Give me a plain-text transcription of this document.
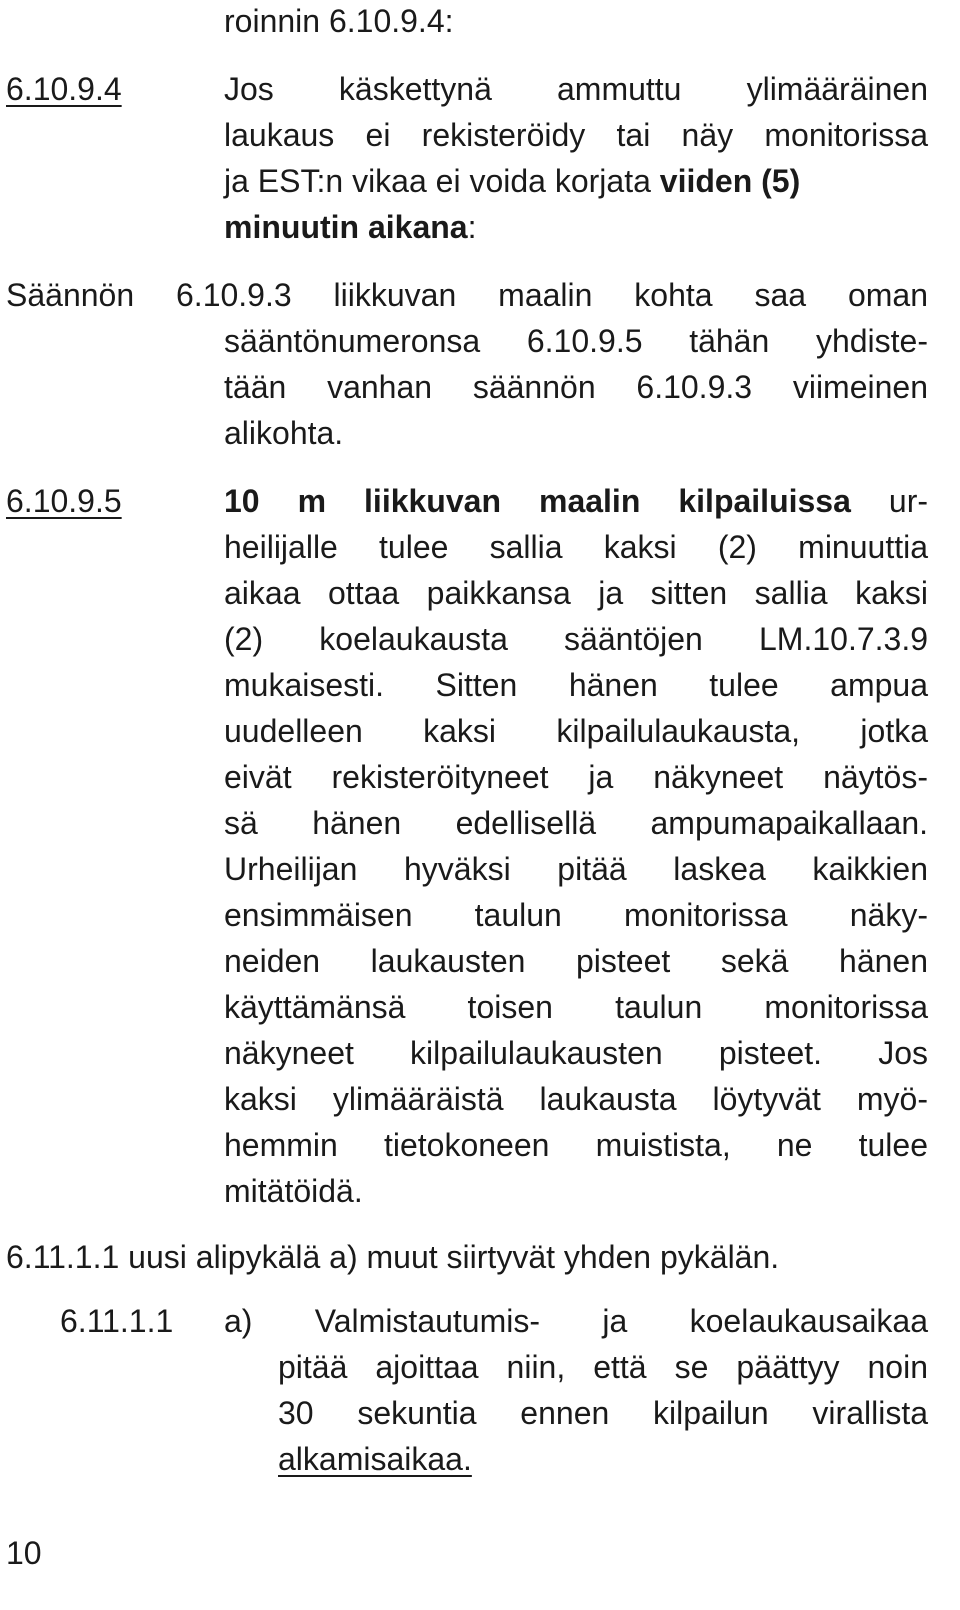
roinnin 6.10.9.4:
6.10.9.4	Jos käskettynä ammuttu ylimääräinen
laukaus ei rekisteröidy tai näy monitorissa
ja EST:n vikaa ei voida korjata viiden (5)
minuutin aikana:
Säännön 6.10.9.3 liikkuvan maalin kohta saa oman
sääntönumeronsa 6.10.9.5 tähän yhdiste-
tään vanhan säännön 6.10.9.3 viimeinen
alikohta.
6.10.9.5	10 m liikkuvan maalin kilpailuissa ur-
heilijalle tulee sallia kaksi (2) minuuttia
aikaa ottaa paikkansa ja sitten sallia kaksi
(2) koelaukausta sääntöjen LM.10.7.3.9
mukaisesti. Sitten hänen tulee ampua
uudelleen kaksi kilpailulaukausta, jotka
eivät rekisteröityneet ja näkyneet näytös-
sä hänen edellisellä ampumapaikallaan.
Urheilijan hyväksi pitää laskea kaikkien
ensimmäisen taulun monitorissa näky-
neiden laukausten pisteet sekä hänen
käyttämänsä toisen taulun monitorissa
näkyneet kilpailulaukausten pisteet. Jos
kaksi ylimääräistä laukausta löytyvät myö-
hemmin tietokoneen muistista, ne tulee
mitätöidä.
6.11.1.1 uusi alipykälä a) muut siirtyvät yhden pykälän.
6.11.1.1 a) Valmistautumis- ja koelaukausaikaa
pitää ajoittaa niin, että se päättyy noin
30 sekuntia ennen kilpailun virallista
alkamisaikaa.
10
